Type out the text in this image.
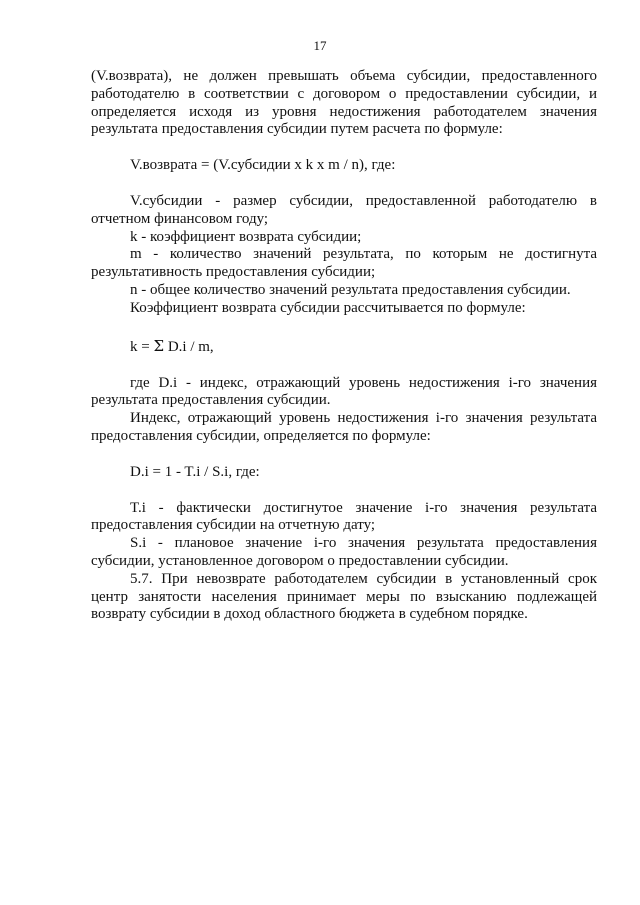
17

(V.возврата), не должен превышать объема субсидии, предоставленного работодателю в соответствии с договором о предоставлении субсидии, и определяется исходя из уровня недостижения работодателем значения результата предоставления субсидии путем расчета по формуле:

V.возврата = (V.субсидии x k x m / n), где:

V.субсидии - размер субсидии, предоставленной работодателю в отчетном финансовом году;

k - коэффициент возврата субсидии;

m - количество значений результата, по которым не достигнута результативность предоставления субсидии;

n - общее количество значений результата предоставления субсидии.

Коэффициент возврата субсидии рассчитывается по формуле:

k = Σ D.i / m,

где D.i - индекс, отражающий уровень недостижения i-го значения результата предоставления субсидии.

Индекс, отражающий уровень недостижения i-го значения результата предоставления субсидии, определяется по формуле:

D.i = 1 - T.i / S.i, где:

T.i - фактически достигнутое значение i-го значения результата предоставления субсидии на отчетную дату;

S.i - плановое значение i-го значения результата предоставления субсидии, установленное договором о предоставлении субсидии.

5.7. При невозврате работодателем субсидии в установленный срок центр занятости населения принимает меры по взысканию подлежащей возврату субсидии в доход областного бюджета в судебном порядке.
